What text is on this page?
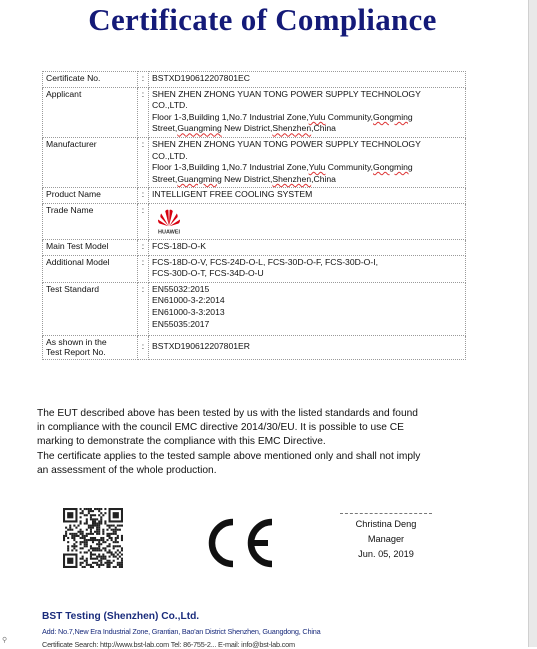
⚲
Certificate of Compliance
Certificate No.	:	BSTXD190612207801EC
Applicant	:	SHEN ZHEN ZHONG YUAN TONG POWER SUPPLY TECHNOLOGY
CO.,LTD.
Floor 1-3,Building 1,No.7 Industrial Zone,Yulu Community,Gongming
Street,Guangming New District,Shenzhen,China

Manufacturer	:	SHEN ZHEN ZHONG YUAN TONG POWER SUPPLY TECHNOLOGY
CO.,LTD.
Floor 1-3,Building 1,No.7 Industrial Zone,Yulu Community,Gongming
Street,Guangming New District,Shenzhen,China

Product Name	:	INTELLIGENT FREE COOLING SYSTEM
Trade Name	:	HUAWEI

Main Test Model	:	FCS-18D-O-K
Additional Model	:	FCS-18D-O-V, FCS-24D-O-L, FCS-30D-O-F, FCS-30D-O-I,
FCS-30D-O-T, FCS-34D-O-U

Test Standard	:	EN55032:2015
EN61000-3-2:2014
EN61000-3-3:2013
EN55035:2017

As shown in the
Test Report No.	:	BSTXD190612207801ER
The EUT described above has been tested by us with the listed standards and found
in compliance with the council EMC directive 2014/30/EU. It is possible to use CE
marking to demonstrate the compliance with this EMC Directive.
The certificate applies to the tested sample above mentioned only and shall not imply
an assessment of the whole production.
Christina Deng
Manager
Jun. 05, 2019
BST Testing (Shenzhen) Co.,Ltd.
Add: No.7,New Era Industrial Zone, Grantian, Bao'an District Shenzhen, Guangdong, China
Certificate Search: http://www.bst-lab.com Tel: 86-755-2... E-mail: info@bst-lab.com
